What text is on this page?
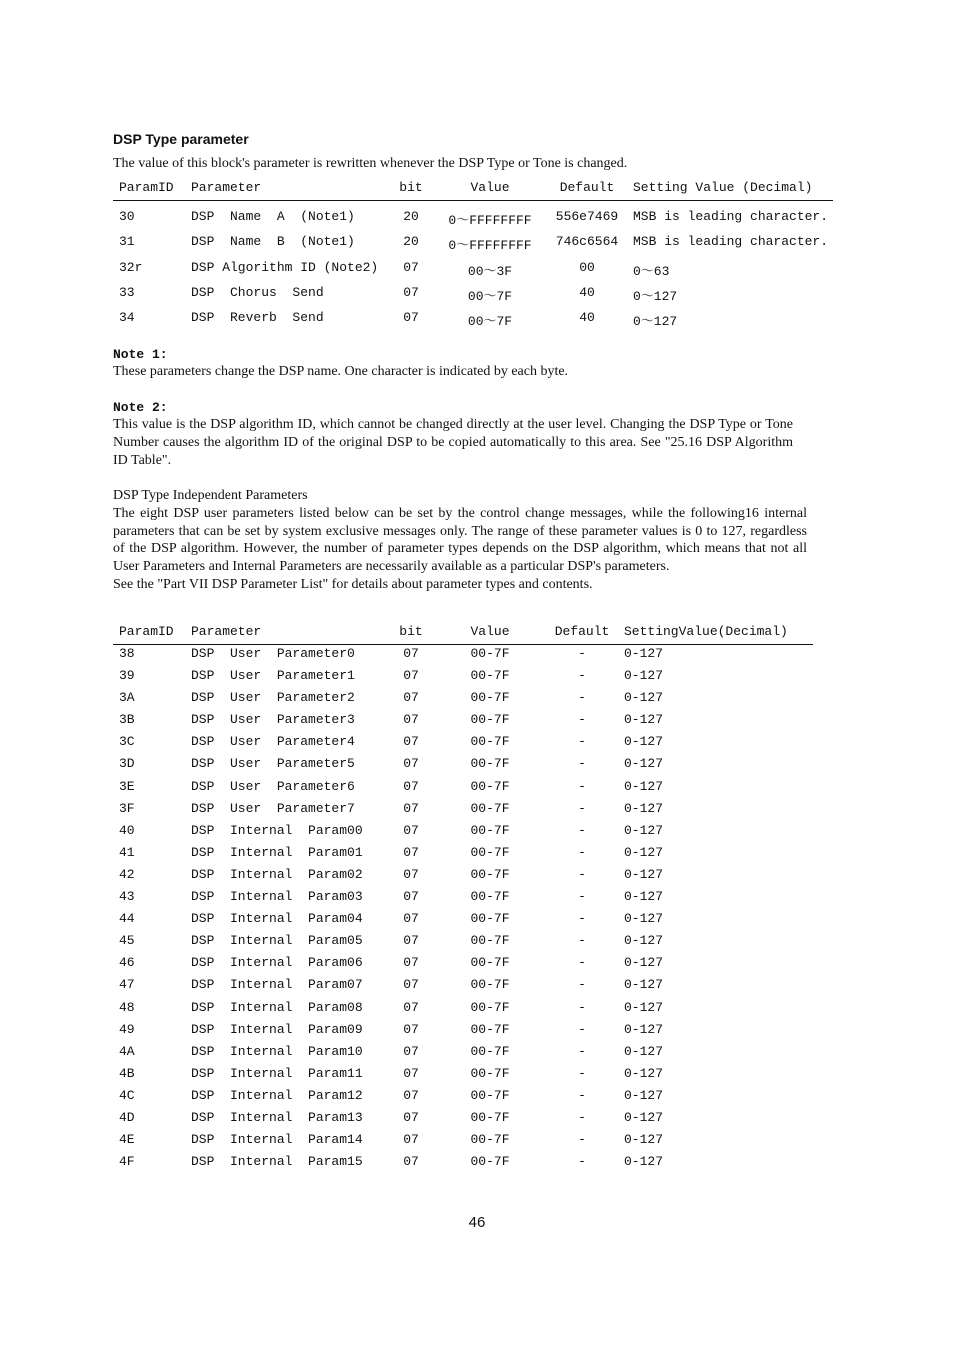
DSP Type parameter
The value of this block's parameter is rewritten whenever the DSP Type or Tone is changed.
ParamID Parameter	bit	Value	Default	Setting Value (Decimal)
30	DSP  Name  A  (Note1)	20	0〜FFFFFFFF	556e7469	MSB is leading character.
31	DSP  Name  B  (Note1)	20	0〜FFFFFFFF	746c6564	MSB is leading character.
32r	DSP Algorithm ID (Note2)	07	00〜3F	00	0〜63
33	DSP  Chorus  Send	07	00〜7F	40	0〜127
34	DSP  Reverb  Send	07	00〜7F	40	0〜127
Note 1:
These parameters change the DSP name. One character is indicated by each byte.
Note 2:
This value is the DSP algorithm ID, which cannot be changed directly at the user level. Changing the DSP Type or Tone Number causes the algorithm ID of the original DSP to be copied automatically to this area. See "25.16 DSP Algorithm ID Table".
DSP Type Independent Parameters
The eight DSP user parameters listed below can be set by the control change messages, while the following16 internal parameters that can be set by system exclusive messages only. The range of these parameter values is 0 to 127, regardless of the DSP algorithm. However, the number of parameter types depends on the DSP algorithm, which means that not all User Parameters and Internal Parameters are necessarily available as a particular DSP's parameters.
See the "Part VII DSP Parameter List" for details about parameter types and contents.
ParamID Parameter	bit	Value	Default	SettingValue(Decimal)
38	DSP  User  Parameter0	07	00-7F	-	0-127
39	DSP  User  Parameter1	07	00-7F	-	0-127
3A	DSP  User  Parameter2	07	00-7F	-	0-127
3B	DSP  User  Parameter3	07	00-7F	-	0-127
3C	DSP  User  Parameter4	07	00-7F	-	0-127
3D	DSP  User  Parameter5	07	00-7F	-	0-127
3E	DSP  User  Parameter6	07	00-7F	-	0-127
3F	DSP  User  Parameter7	07	00-7F	-	0-127
40	DSP  Internal  Param00	07	00-7F	-	0-127
41	DSP  Internal  Param01	07	00-7F	-	0-127
42	DSP  Internal  Param02	07	00-7F	-	0-127
43	DSP  Internal  Param03	07	00-7F	-	0-127
44	DSP  Internal  Param04	07	00-7F	-	0-127
45	DSP  Internal  Param05	07	00-7F	-	0-127
46	DSP  Internal  Param06	07	00-7F	-	0-127
47	DSP  Internal  Param07	07	00-7F	-	0-127
48	DSP  Internal  Param08	07	00-7F	-	0-127
49	DSP  Internal  Param09	07	00-7F	-	0-127
4A	DSP  Internal  Param10	07	00-7F	-	0-127
4B	DSP  Internal  Param11	07	00-7F	-	0-127
4C	DSP  Internal  Param12	07	00-7F	-	0-127
4D	DSP  Internal  Param13	07	00-7F	-	0-127
4E	DSP  Internal  Param14	07	00-7F	-	0-127
4F	DSP  Internal  Param15	07	00-7F	-	0-127
46
